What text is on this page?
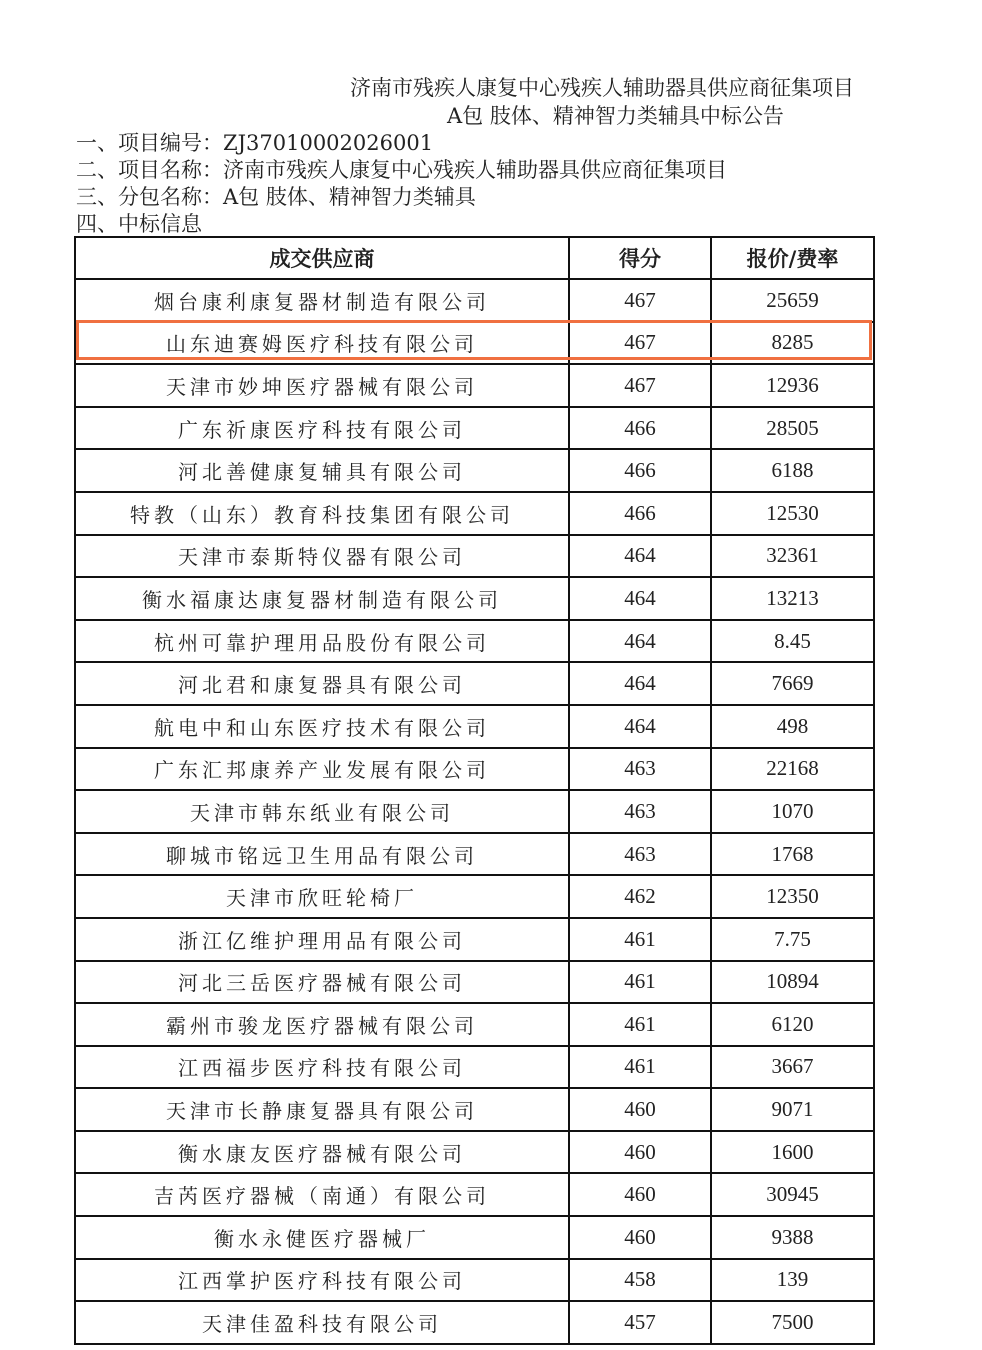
济南市残疾人康复中心残疾人辅助器具供应商征集项目
A包 肢体、精神智力类辅具中标公告
一、项目编号：ZJ37010002026001
二、项目名称：济南市残疾人康复中心残疾人辅助器具供应商征集项目
三、分包名称：A包 肢体、精神智力类辅具
四、中标信息
成交供应商	得分	报价/费率
烟台康利康复器材制造有限公司	467	25659
山东迪赛姆医疗科技有限公司	467	8285
天津市妙坤医疗器械有限公司	467	12936
广东祈康医疗科技有限公司	466	28505
河北善健康复辅具有限公司	466	6188
特教（山东）教育科技集团有限公司	466	12530
天津市泰斯特仪器有限公司	464	32361
衡水福康达康复器材制造有限公司	464	13213
杭州可靠护理用品股份有限公司	464	8.45
河北君和康复器具有限公司	464	7669
航电中和山东医疗技术有限公司	464	498
广东汇邦康养产业发展有限公司	463	22168
天津市韩东纸业有限公司	463	1070
聊城市铭远卫生用品有限公司	463	1768
天津市欣旺轮椅厂	462	12350
浙江亿维护理用品有限公司	461	7.75
河北三岳医疗器械有限公司	461	10894
霸州市骏龙医疗器械有限公司	461	6120
江西福步医疗科技有限公司	461	3667
天津市长静康复器具有限公司	460	9071
衡水康友医疗器械有限公司	460	1600
吉芮医疗器械（南通）有限公司	460	30945
衡水永健医疗器械厂	460	9388
江西掌护医疗科技有限公司	458	139
天津佳盈科技有限公司	457	7500
